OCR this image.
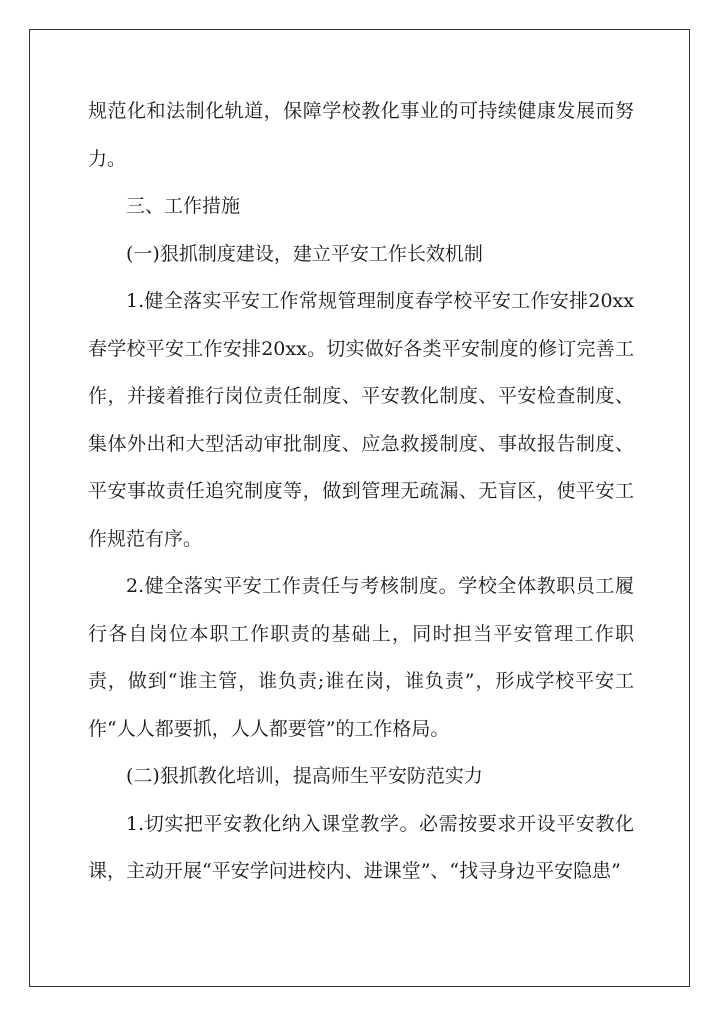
规范化和法制化轨道，保障学校教化事业的可持续健康发展而努力。

三、工作措施

(一)狠抓制度建设，建立平安工作长效机制

1.健全落实平安工作常规管理制度春学校平安工作安排20xx春学校平安工作安排20xx。切实做好各类平安制度的修订完善工作，并接着推行岗位责任制度、平安教化制度、平安检查制度、集体外出和大型活动审批制度、应急救援制度、事故报告制度、平安事故责任追究制度等，做到管理无疏漏、无盲区，使平安工作规范有序。

2.健全落实平安工作责任与考核制度。学校全体教职员工履行各自岗位本职工作职责的基础上，同时担当平安管理工作职责，做到“谁主管，谁负责;谁在岗，谁负责”，形成学校平安工作“人人都要抓，人人都要管”的工作格局。

(二)狠抓教化培训，提高师生平安防范实力

1.切实把平安教化纳入课堂教学。必需按要求开设平安教化课，主动开展“平安学问进校内、进课堂”、“找寻身边平安隐患”
